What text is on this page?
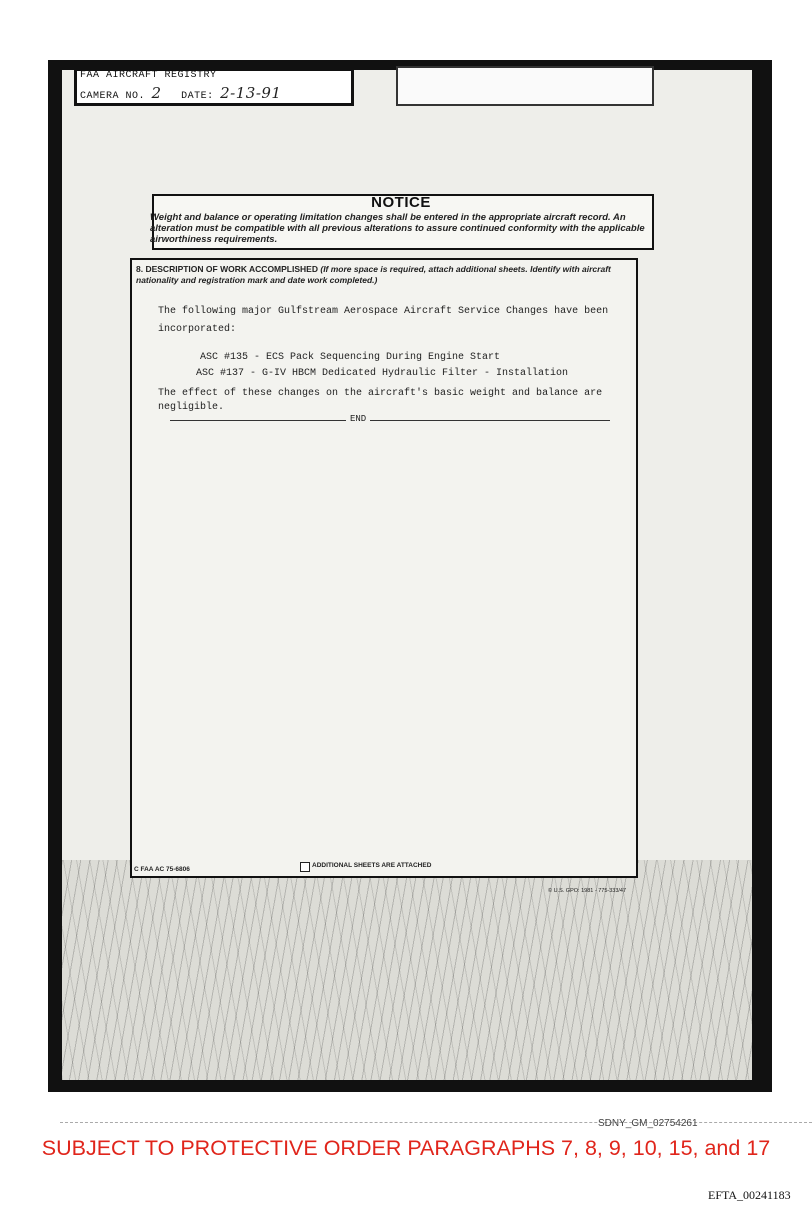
FAA AIRCRAFT REGISTRY
CAMERA NO. 2 DATE: 2-13-91
NOTICE
Weight and balance or operating limitation changes shall be entered in the appropriate aircraft record. An alteration must be compatible with all previous alterations to assure continued conformity with the applicable airworthiness requirements.
8. DESCRIPTION OF WORK ACCOMPLISHED (If more space is required, attach additional sheets. Identify with aircraft nationality and registration mark and date work completed.)
The following major Gulfstream Aerospace Aircraft Service Changes have been
incorporated:
ASC #135 - ECS Pack Sequencing During Engine Start
ASC #137 - G-IV HBCM Dedicated Hydraulic Filter - Installation
The effect of these changes on the aircraft's basic weight and balance are
negligible.
END
C FAA AC 75-6806
ADDITIONAL SHEETS ARE ATTACHED
© U.S. GPO: 1981 - 775-333/47
SDNY_GM_02754261
SUBJECT TO PROTECTIVE ORDER PARAGRAPHS 7, 8, 9, 10, 15, and 17
EFTA_00241183
